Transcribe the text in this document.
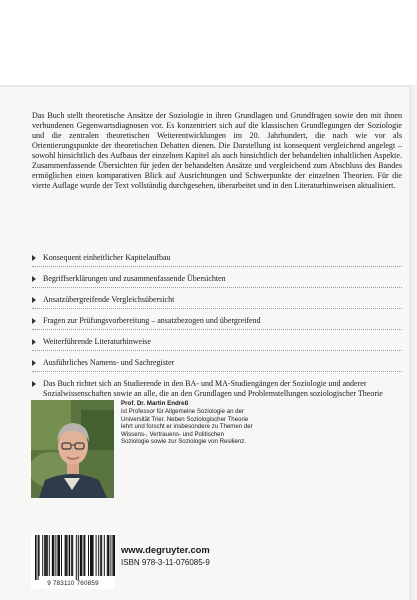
Das Buch stellt theoretische Ansätze der Soziologie in ihren Grundlagen und Grundfragen sowie den mit ihnen verbundenen Gegenwartsdiagnosen vor. Es konzentriert sich auf die klassischen Grundlegungen der Soziologie und die zentralen theoretischen Weiterentwicklungen im 20. Jahrhundert, die nach wie vor als Orientierungspunkte der theoretischen Debatten dienen. Die Darstellung ist konsequent vergleichend angelegt – sowohl hinsichtlich des Aufbaus der einzelnen Kapitel als auch hinsichtlich der behandelten inhaltlichen Aspekte. Zusammenfassende Übersichten für jeden der behandelten Ansätze und vergleichend zum Abschluss des Bandes ermöglichen einen komparativen Blick auf Ausrichtungen und Schwerpunkte der einzelnen Theorien. Für die vierte Auflage wurde der Text vollständig durchgesehen, überarbeitet und in den Literaturhinweisen aktualisiert.

Konsequent einheitlicher Kapitelaufbau
Begriffserklärungen und zusammenfassende Übersichten
Ansatzübergreifende Vergleichsübersicht
Fragen zur Prüfungsvorbereitung – ansatzbezogen und übergreifend
Weiterführende Literaturhinweise
Ausführliches Namens- und Sachregister
Das Buch richtet sich an Studierende in den BA- und MA-Studiengängen der Soziologie und anderer Sozialwissenschaften sowie an alle, die an den Grundlagen und Problemstellungen soziologischer Theorie

Prof. Dr. Martin Endreß

ist Professor für Allgemeine Soziologie an der Universität Trier. Neben Soziologischer Theorie lehrt und forscht er insbesondere zu Themen der Wissens-, Vertrauens- und Politischen Soziologie sowie zur Soziologie von Resilienz.

www.degruyter.com

ISBN 978-3-11-076085-9

9 783110 760859
